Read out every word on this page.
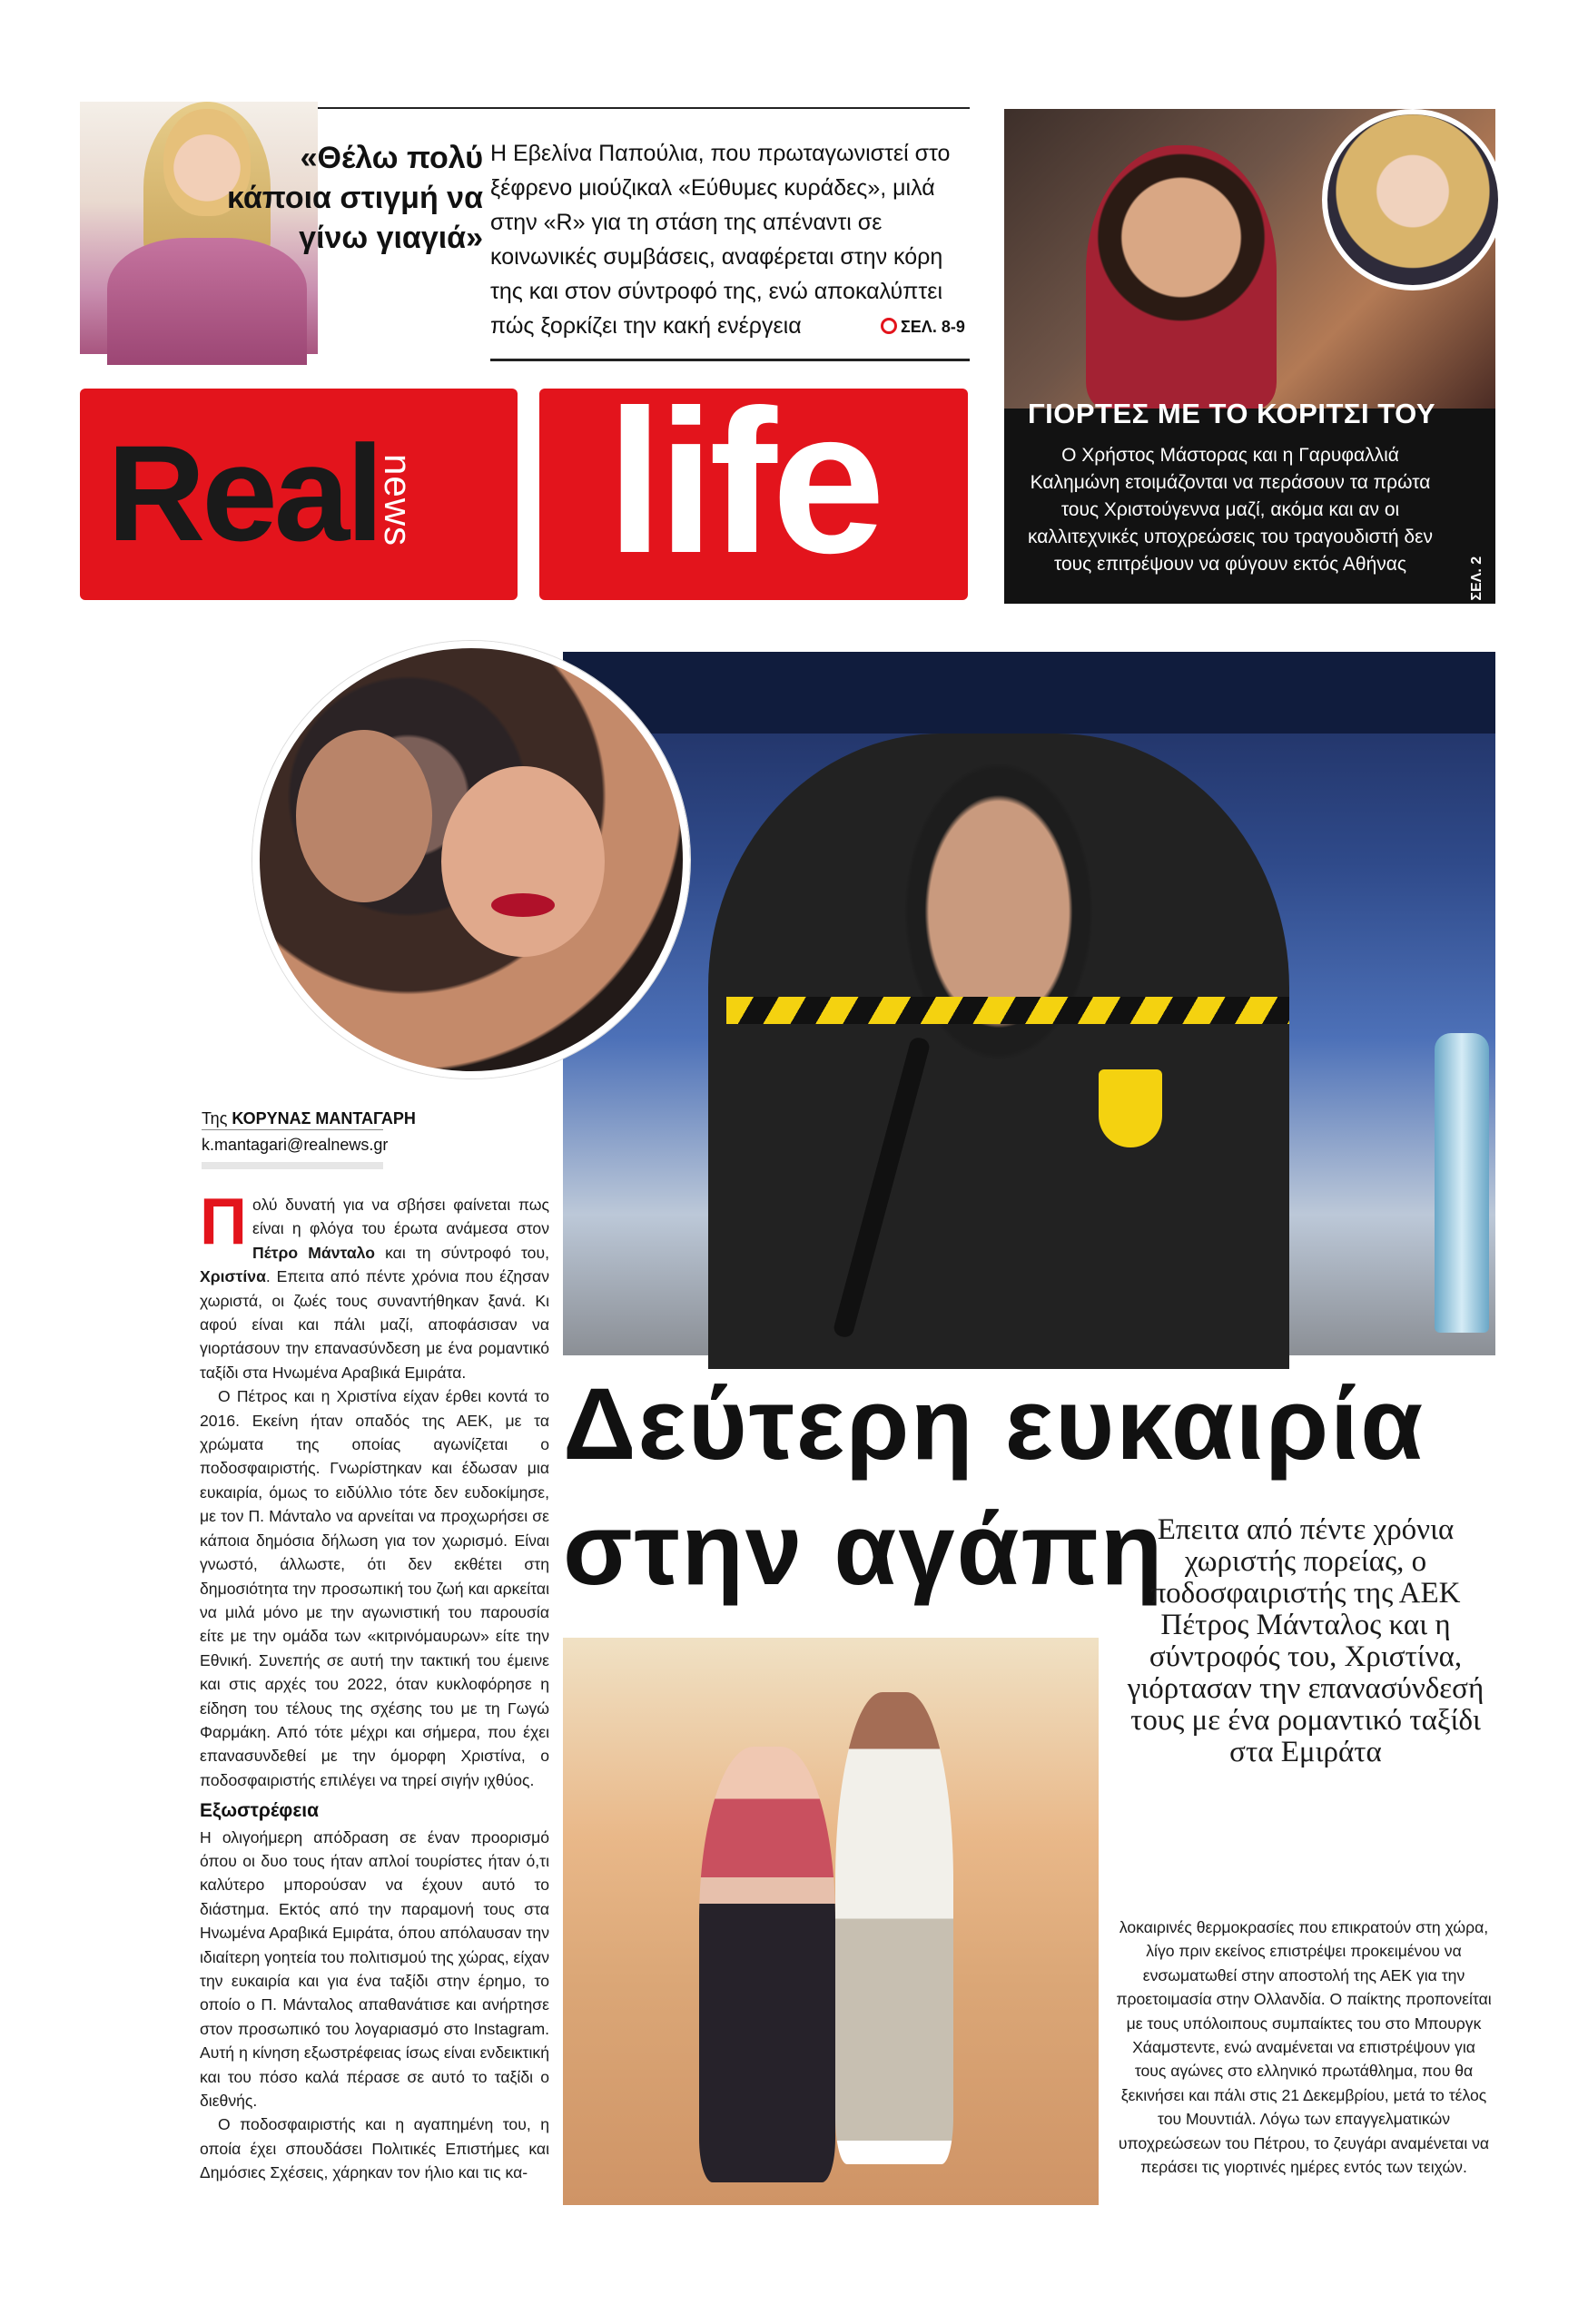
«Θέλω πολύ κάποια στιγμή να γίνω γιαγιά»
Η Εβελίνα Παπούλια, που πρωταγωνιστεί στο ξέφρενο μιούζικαλ «Εύθυμες κυράδες», μιλά στην «R» για τη στάση της απέναντι σε κοινωνικές συμβάσεις, αναφέρεται στην κόρη της και στον σύντροφό της, ενώ αποκαλύπτει πώς ξορκίζει την κακή ενέργεια	ΣΕΛ. 8-9
Real
news life	ΓΙΟΡΤΕΣ ΜΕ ΤΟ ΚΟΡΙΤΣΙ ΤΟΥ
Ο Χρήστος Μάστορας και η Γαρυφαλλιά Καλημώνη ετοιμάζονται να περάσουν τα πρώτα τους Χριστούγεννα μαζί, ακόμα και αν οι καλλιτεχνικές υποχρεώσεις του τραγουδιστή δεν τους επιτρέψουν να φύγουν εκτός Αθήνας
◉ ΣΕΛ. 2
Της ΚΟΡΥΝΑΣ ΜΑΝΤΑΓΑΡΗ
k.mantagari@realnews.gr

Πολύ δυνατή για να σβήσει φαίνεται πως είναι η φλόγα του έρωτα ανάμεσα στον Πέτρο Μάνταλο και τη σύντροφό του, Χριστίνα. Επειτα από πέντε χρόνια που έζησαν χωριστά, οι ζωές τους συναντήθηκαν ξανά. Κι αφού είναι και πάλι μαζί, αποφάσισαν να γιορτάσουν την επανασύνδεση με ένα ρομαντικό ταξίδι στα Ηνωμένα Αραβικά Εμιράτα.

Ο Πέτρος και η Χριστίνα είχαν έρθει κοντά το 2016. Εκείνη ήταν οπαδός της ΑΕΚ, με τα χρώματα της οποίας αγωνίζεται ο ποδοσφαιριστής. Γνωρίστηκαν και έδωσαν μια ευκαιρία, όμως το ειδύλλιο τότε δεν ευδοκίμησε, με τον Π. Μάνταλο να αρνείται να προχωρήσει σε κάποια δημόσια δήλωση για τον χωρισμό. Είναι γνωστό, άλλωστε, ότι δεν εκθέτει στη δημοσιότητα την προσωπική του ζωή και αρκείται να μιλά μόνο με την αγωνιστική του παρουσία είτε με την ομάδα των «κιτρινόμαυρων» είτε την Εθνική. Συνεπής σε αυτή την τακτική του έμεινε και στις αρχές του 2022, όταν κυκλοφόρησε η είδηση του τέλους της σχέσης του με τη Γωγώ Φαρμάκη. Από τότε μέχρι και σήμερα, που έχει επανασυνδεθεί με την όμορφη Χριστίνα, ο ποδοσφαιριστής επιλέγει να τηρεί σιγήν ιχθύος.

Εξωστρέφεια

Η ολιγοήμερη απόδραση σε έναν προορισμό όπου οι δυο τους ήταν απλοί τουρίστες ήταν ό,τι καλύτερο μπορούσαν να έχουν αυτό το διάστημα. Εκτός από την παραμονή τους στα Ηνωμένα Αραβικά Εμιράτα, όπου απόλαυσαν την ιδιαίτερη γοητεία του πολιτισμού της χώρας, είχαν την ευκαιρία και για ένα ταξίδι στην έρημο, το οποίο ο Π. Μάνταλος απαθανάτισε και ανήρτησε στον προσωπικό του λογαριασμό στο Instagram. Αυτή η κίνηση εξωστρέφειας ίσως είναι ενδεικτική και του πόσο καλά πέρασε σε αυτό το ταξίδι ο διεθνής.

Ο ποδοσφαιριστής και η αγαπημένη του, η οποία έχει σπουδάσει Πολιτικές Επιστήμες και Δημόσιες Σχέσεις, χάρηκαν τον ήλιο και τις κα-

Δεύτερη ευκαιρία
στην αγάπη
Επειτα από πέντε χρόνια χωριστής πορείας, ο ποδοσφαιριστής της ΑΕΚ Πέτρος Μάνταλος και η σύντροφός του, Χριστίνα, γιόρτασαν την επανασύνδεσή τους με ένα ρομαντικό ταξίδι στα Εμιράτα

λοκαιρινές θερμοκρασίες που επικρατούν στη χώρα, λίγο πριν εκείνος επιστρέψει προκειμένου να ενσωματωθεί στην αποστολή της ΑΕΚ για την προετοιμασία στην Ολλανδία. Ο παίκτης προπονείται με τους υπόλοιπους συμπαίκτες του στο Μπουργκ Χάαμστεντε, ενώ αναμένεται να επιστρέψουν για τους αγώνες στο ελληνικό πρωτάθλημα, που θα ξεκινήσει και πάλι στις 21 Δεκεμβρίου, μετά το τέλος του Μουντιάλ. Λόγω των επαγγελματικών υποχρεώσεων του Πέτρου, το ζευγάρι αναμένεται να περάσει τις γιορτινές ημέρες εντός των τειχών.
